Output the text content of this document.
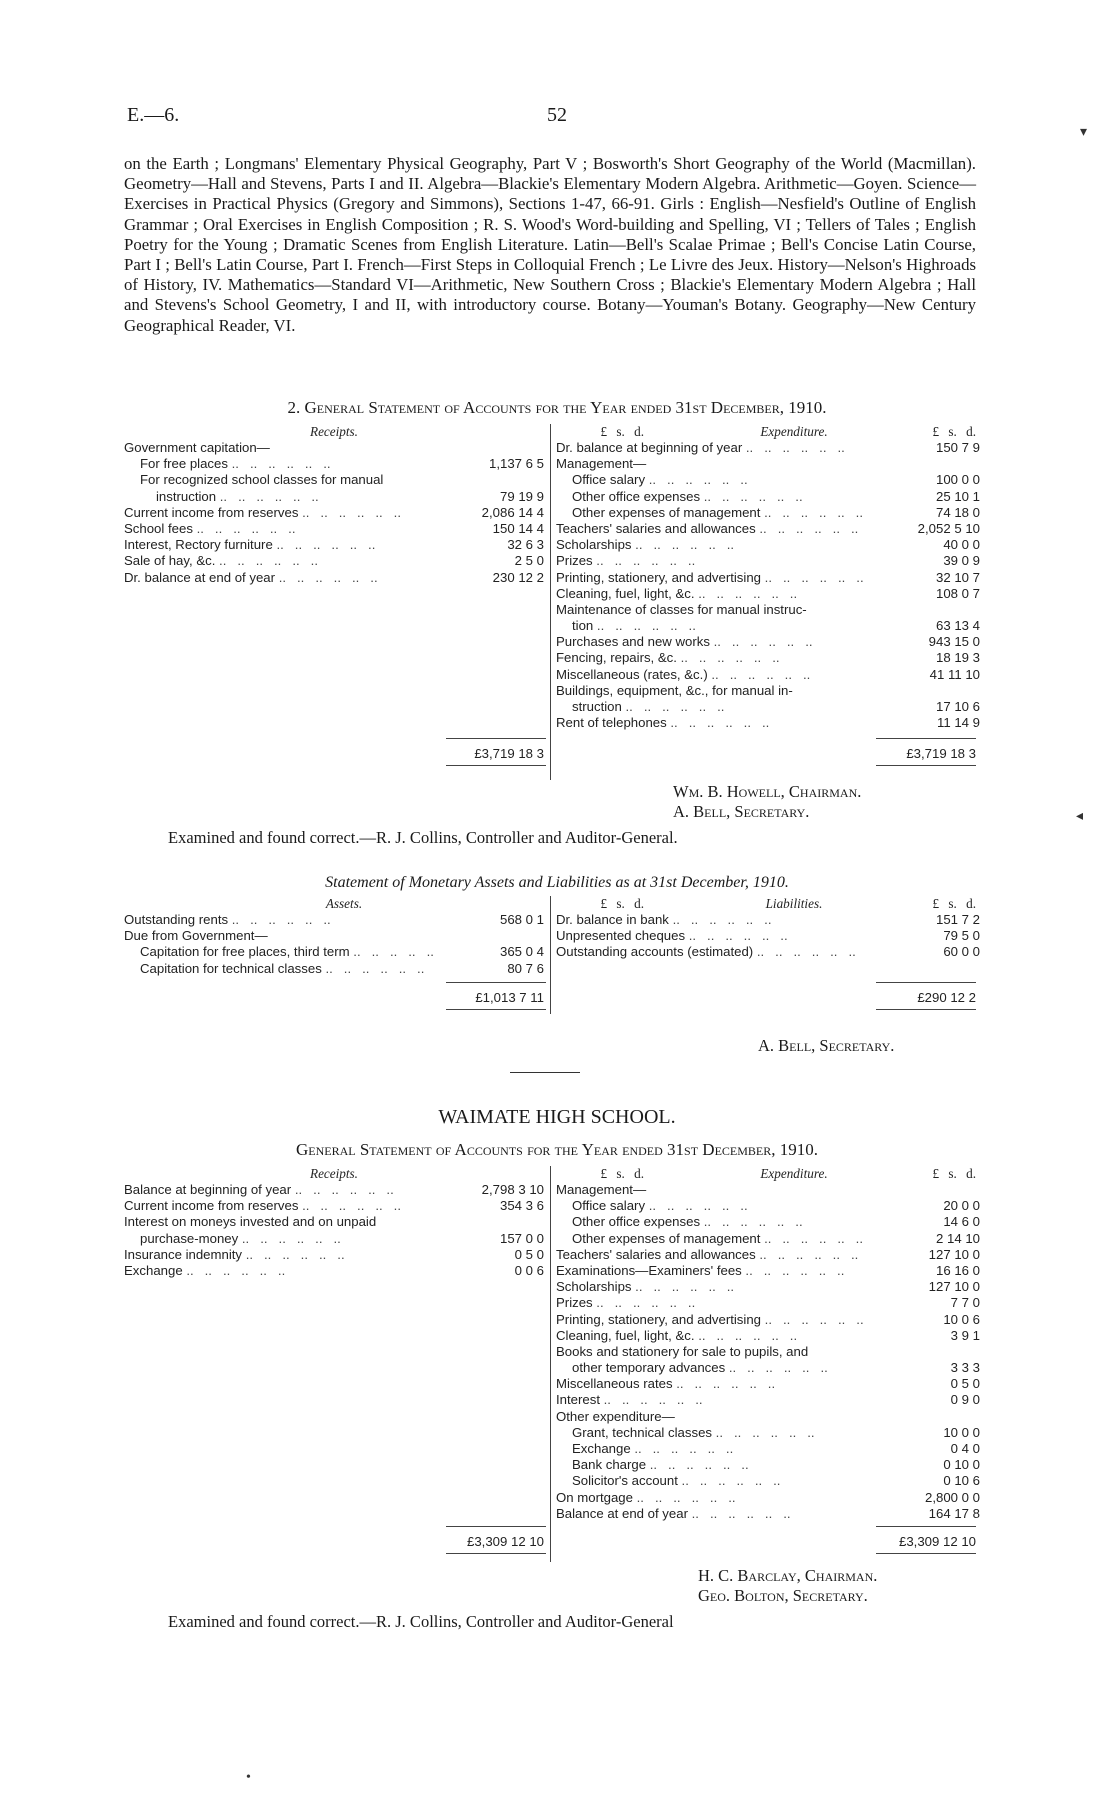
E.—6.	52

on the Earth ; Longmans' Elementary Physical Geography, Part V ; Bosworth's Short Geography of the World (Macmillan). Geometry—Hall and Stevens, Parts I and II. Algebra—Blackie's Elementary Modern Algebra. Arithmetic—Goyen. Science—Exercises in Practical Physics (Gregory and Simmons), Sections 1-47, 66-91. Girls : English—Nesfield's Outline of English Grammar ; Oral Exercises in English Composition ; R. S. Wood's Word-building and Spelling, VI ; Tellers of Tales ; English Poetry for the Young ; Dramatic Scenes from English Literature. Latin—Bell's Scalae Primae ; Bell's Concise Latin Course, Part I ; Bell's Latin Course, Part I. French—First Steps in Colloquial French ; Le Livre des Jeux. History—Nelson's Highroads of History, IV. Mathematics—Standard VI—Arithmetic, New Southern Cross ; Blackie's Elementary Modern Algebra ; Hall and Stevens's School Geometry, I and II, with introductory course. Botany—Youman's Botany. Geography—New Century Geographical Reader, VI.

2. General Statement of Accounts for the Year ended 31st December, 1910.
Receipts.	£ s. d.	Expenditure.	£ s. d.
Government capitation—
For free places ..	1,137 6 5
For recognized school classes for manual
instruction ..	79 19 9
Current income from reserves ..	2,086 14 4
School fees ..	150 14 4
Interest, Rectory furniture ..	32 6 3
Sale of hay, &c. ..	2 5 0
Dr. balance at end of year ..	230 12 2
Dr. balance at beginning of year ..	150 7 9
Management—
Office salary ..	100 0 0
Other office expenses ..	25 10 1
Other expenses of management ..	74 18 0
Teachers' salaries and allowances ..	2,052 5 10
Scholarships ..	40 0 0
Prizes ..	39 0 9
Printing, stationery, and advertising ..	32 10 7
Cleaning, fuel, light, &c. ..	108 0 7
Maintenance of classes for manual instruc-
tion ..	63 13 4
Purchases and new works ..	943 15 0
Fencing, repairs, &c. ..	18 19 3
Miscellaneous (rates, &c.) ..	41 11 10
Buildings, equipment, &c., for manual in-
struction ..	17 10 6
Rent of telephones ..	11 14 9
£3,719 18 3	£3,719 18 3
Wm. B. Howell, Chairman.
A. Bell, Secretary.
Examined and found correct.—R. J. Collins, Controller and Auditor-General.
Statement of Monetary Assets and Liabilities as at 31st December, 1910.
Assets.	£ s. d.	Liabilities.	£ s. d.
Outstanding rents ..	568 0 1
Due from Government—
Capitation for free places, third term ..	365 0 4
Capitation for technical classes ..	80 7 6
Dr. balance in bank ..	151 7 2
Unpresented cheques ..	79 5 0
Outstanding accounts (estimated) ..	60 0 0
£1,013 7 11	£290 12 2
A. Bell, Secretary.
WAIMATE HIGH SCHOOL.
General Statement of Accounts for the Year ended 31st December, 1910.
Receipts.	£ s. d.	Expenditure.	£ s. d.
Balance at beginning of year ..	2,798 3 10
Current income from reserves ..	354 3 6
Interest on moneys invested and on unpaid
purchase-money ..	157 0 0
Insurance indemnity ..	0 5 0
Exchange ..	0 0 6
Management—
Office salary ..	20 0 0
Other office expenses ..	14 6 0
Other expenses of management ..	2 14 10
Teachers' salaries and allowances ..	127 10 0
Examinations—Examiners' fees ..	16 16 0
Scholarships ..	127 10 0
Prizes ..	7 7 0
Printing, stationery, and advertising ..	10 0 6
Cleaning, fuel, light, &c. ..	3 9 1
Books and stationery for sale to pupils, and
other temporary advances ..	3 3 3
Miscellaneous rates ..	0 5 0
Interest ..	0 9 0
Other expenditure—
Grant, technical classes ..	10 0 0
Exchange ..	0 4 0
Bank charge ..	0 10 0
Solicitor's account ..	0 10 6
On mortgage ..	2,800 0 0
Balance at end of year ..	164 17 8
£3,309 12 10	£3,309 12 10
H. C. Barclay, Chairman.
Geo. Bolton, Secretary.
Examined and found correct.—R. J. Collins, Controller and Auditor-General
▾
◂
•
